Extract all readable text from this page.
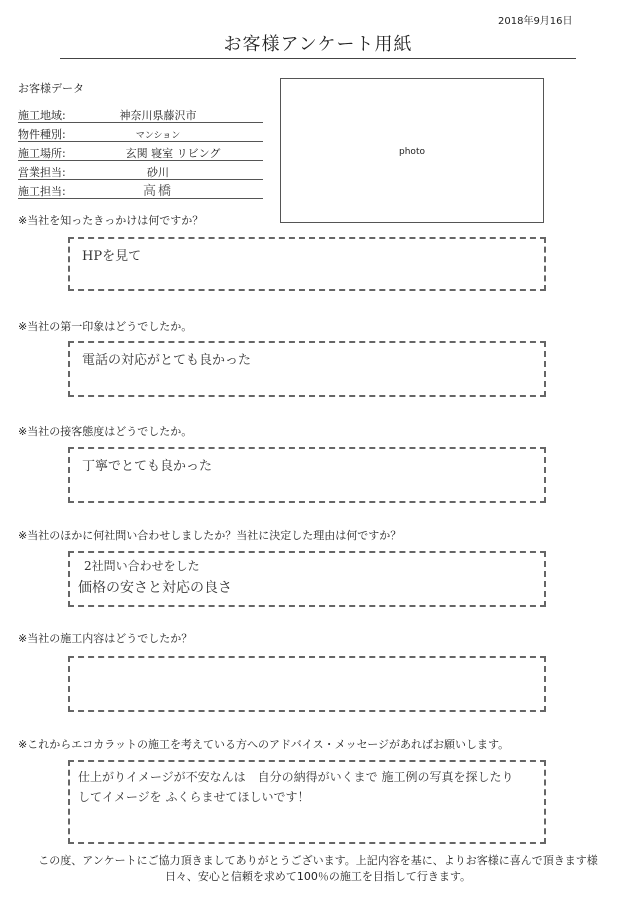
2018年9月16日
お客様アンケート用紙
お客様データ
施工地域:	神奈川県藤沢市
物件種別:	マンション
施工場所:	玄関 寝室 リビング
営業担当:	砂川
施工担当:	高橋
photo
※当社を知ったきっかけは何ですか？
HPを見て
※当社の第一印象はどうでしたか。
電話の対応がとても良かった
※当社の接客態度はどうでしたか。
丁寧でとても良かった
※当社のほかに何社問い合わせしましたか？当社に決定した理由は何ですか？
2社問い合わせをした
価格の安さと対応の良さ
※当社の施工内容はどうでしたか？
※これからエコカラットの施工を考えている方へのアドバイス・メッセージがあればお願いします。
仕上がりイメージが不安なんは　自分の納得がいくまで 施工例の写真を探したり
してイメージを ふくらませてほしいです！
この度、アンケートにご協力頂きましてありがとうございます。上記内容を基に、よりお客様に喜んで頂きます様
日々、安心と信頼を求めて100％の施工を目指して行きます。
